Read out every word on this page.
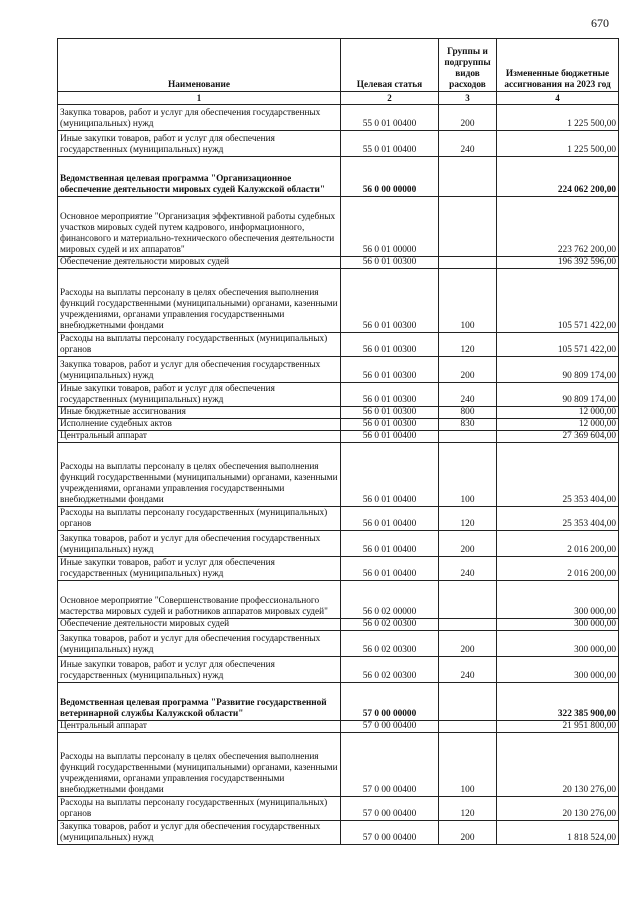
670
Наименование	Целевая статья	Группы и подгруппы видов расходов	Измененные бюджетные ассигнования на 2023 год
1	2	3	4
Закупка товаров, работ и услуг для обеспечения государственных (муниципальных) нужд	55 0 01 00400	200	1 225 500,00
Иные закупки товаров, работ и услуг для обеспечения государственных (муниципальных) нужд	55 0 01 00400	240	1 225 500,00
Ведомственная целевая программа "Организационное обеспечение деятельности мировых судей Калужской области"	56 0 00 00000		224 062 200,00
Основное мероприятие "Организация эффективной работы судебных участков мировых судей путем кадрового, информационного, финансового и материально-технического обеспечения деятельности мировых судей и их аппаратов"	56 0 01 00000		223 762 200,00
Обеспечение деятельности мировых судей	56 0 01 00300		196 392 596,00
Расходы на выплаты персоналу в целях обеспечения выполнения функций государственными (муниципальными) органами, казенными учреждениями, органами управления государственными внебюджетными фондами	56 0 01 00300	100	105 571 422,00
Расходы на выплаты персоналу государственных (муниципальных) органов	56 0 01 00300	120	105 571 422,00
Закупка товаров, работ и услуг для обеспечения государственных (муниципальных) нужд	56 0 01 00300	200	90 809 174,00
Иные закупки товаров, работ и услуг для обеспечения государственных (муниципальных) нужд	56 0 01 00300	240	90 809 174,00
Иные бюджетные ассигнования	56 0 01 00300	800	12 000,00
Исполнение судебных актов	56 0 01 00300	830	12 000,00
Центральный аппарат	56 0 01 00400		27 369 604,00
Расходы на выплаты персоналу в целях обеспечения выполнения функций государственными (муниципальными) органами, казенными учреждениями, органами управления государственными внебюджетными фондами	56 0 01 00400	100	25 353 404,00
Расходы на выплаты персоналу государственных (муниципальных) органов	56 0 01 00400	120	25 353 404,00
Закупка товаров, работ и услуг для обеспечения государственных (муниципальных) нужд	56 0 01 00400	200	2 016 200,00
Иные закупки товаров, работ и услуг для обеспечения государственных (муниципальных) нужд	56 0 01 00400	240	2 016 200,00
Основное мероприятие "Совершенствование профессионального мастерства мировых судей и работников аппаратов мировых судей"	56 0 02 00000		300 000,00
Обеспечение деятельности мировых судей	56 0 02 00300		300 000,00
Закупка товаров, работ и услуг для обеспечения государственных (муниципальных) нужд	56 0 02 00300	200	300 000,00
Иные закупки товаров, работ и услуг для обеспечения государственных (муниципальных) нужд	56 0 02 00300	240	300 000,00
Ведомственная целевая программа "Развитие государственной ветеринарной службы Калужской области"	57 0 00 00000		322 385 900,00
Центральный аппарат	57 0 00 00400		21 951 800,00
Расходы на выплаты персоналу в целях обеспечения выполнения функций государственными (муниципальными) органами, казенными учреждениями, органами управления государственными внебюджетными фондами	57 0 00 00400	100	20 130 276,00
Расходы на выплаты персоналу государственных (муниципальных) органов	57 0 00 00400	120	20 130 276,00
Закупка товаров, работ и услуг для обеспечения государственных (муниципальных) нужд	57 0 00 00400	200	1 818 524,00
